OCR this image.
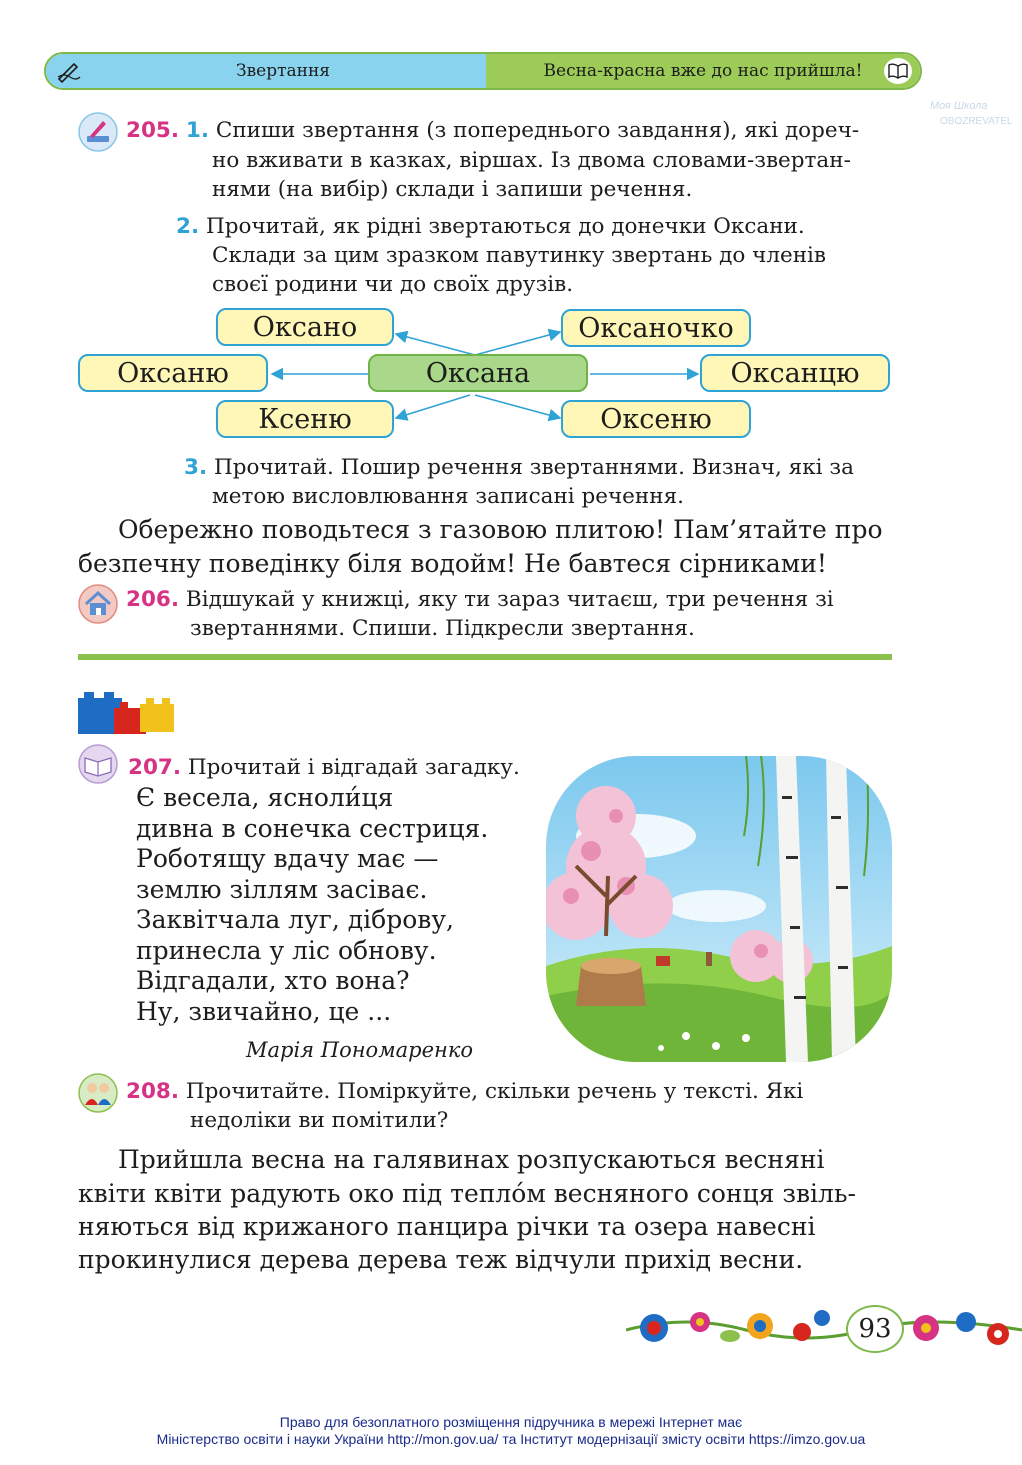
Звертання	Весна-красна вже до нас прийшла!
205. 1. Спиши звертання (з попереднього завдання), які дореч-
но вживати в казках, віршах. Із двома словами-звертан-
нями (на вибір) склади і запиши речення.
2. Прочитай, як рідні звертаються до донечки Оксани.
Склади за цим зразком павутинку звертань до членів
своєї родини чи до своїх друзів.
Оксано	Оксаночко
Оксаню	Оксана	Оксанцю
Ксеню	Оксеню
3. Прочитай. Пошир речення звертаннями. Визнач, які за
метою висловлювання записані речення.
Обережно поводьтеся з газовою плитою! Пам’ятайте про
безпечну поведінку біля водойм! Не бавтеся сірниками!
206. Відшукай у книжці, яку ти зараз читаєш, три речення зі
звертаннями. Спиши. Підкресли звертання.
207. Прочитай і відгадай загадку.
Є весела, ясноли́ця
дивна в сонечка сестриця.
Роботящу вдачу має —
землю зіллям засіває.
Заквітчала луг, діброву,
принесла у ліс обнову.
Відгадали, хто вона?
Ну, звичайно, це ...
Марія Пономаренко
208. Прочитайте. Поміркуйте, скільки речень у тексті. Які
недоліки ви помітили?
Прийшла весна на галявинах розпускаються весняні
квіти квіти радують око під теплóм весняного сонця звіль-
няються від крижаного панцира річки та озера навесні
прокинулися дерева дерева теж відчули прихід весни.
93
Право для безоплатного розміщення підручника в мережі Інтернет має
Міністерство освіти і науки України http://mon.gov.ua/ та Інститут модернізації змісту освіти https://imzo.gov.ua
Моя Школа
OBOZREVATEL
